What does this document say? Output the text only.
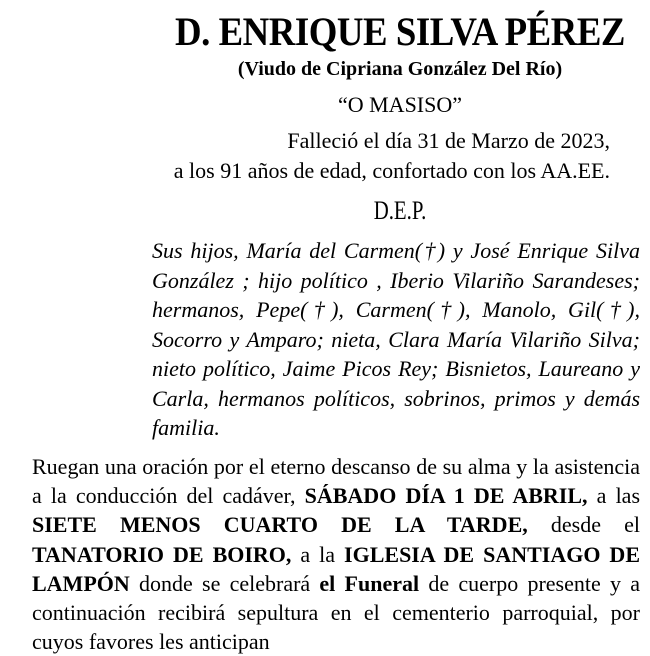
D. ENRIQUE SILVA PÉREZ
(Viudo de Cipriana González Del Río)
“O MASISO”
Falleció el día 31 de Marzo de 2023,
a los 91 años de edad, confortado con los AA.EE.
D.E.P.
Sus hijos, María del Carmen(†) y José Enrique Silva González ; hijo político , Iberio Vilariño Sarandeses; hermanos, Pepe(†), Carmen(†), Manolo, Gil(†), Socorro y Amparo; nieta, Clara María Vilariño Silva; nieto político, Jaime Picos Rey; Bisnietos, Laureano y Carla, hermanos políticos, sobrinos, primos y demás familia.
Ruegan una oración por el eterno descanso de su alma y la asistencia a la conducción del cadáver, SÁBADO DÍA 1 DE ABRIL, a las SIETE MENOS CUARTO DE LA TARDE, desde el TANATORIO DE BOIRO, a la IGLESIA DE SANTIAGO DE LAMPÓN donde se celebrará el Funeral de cuerpo presente y a continuación recibirá sepultura en el cementerio parroquial, por cuyos favores les anticipan
